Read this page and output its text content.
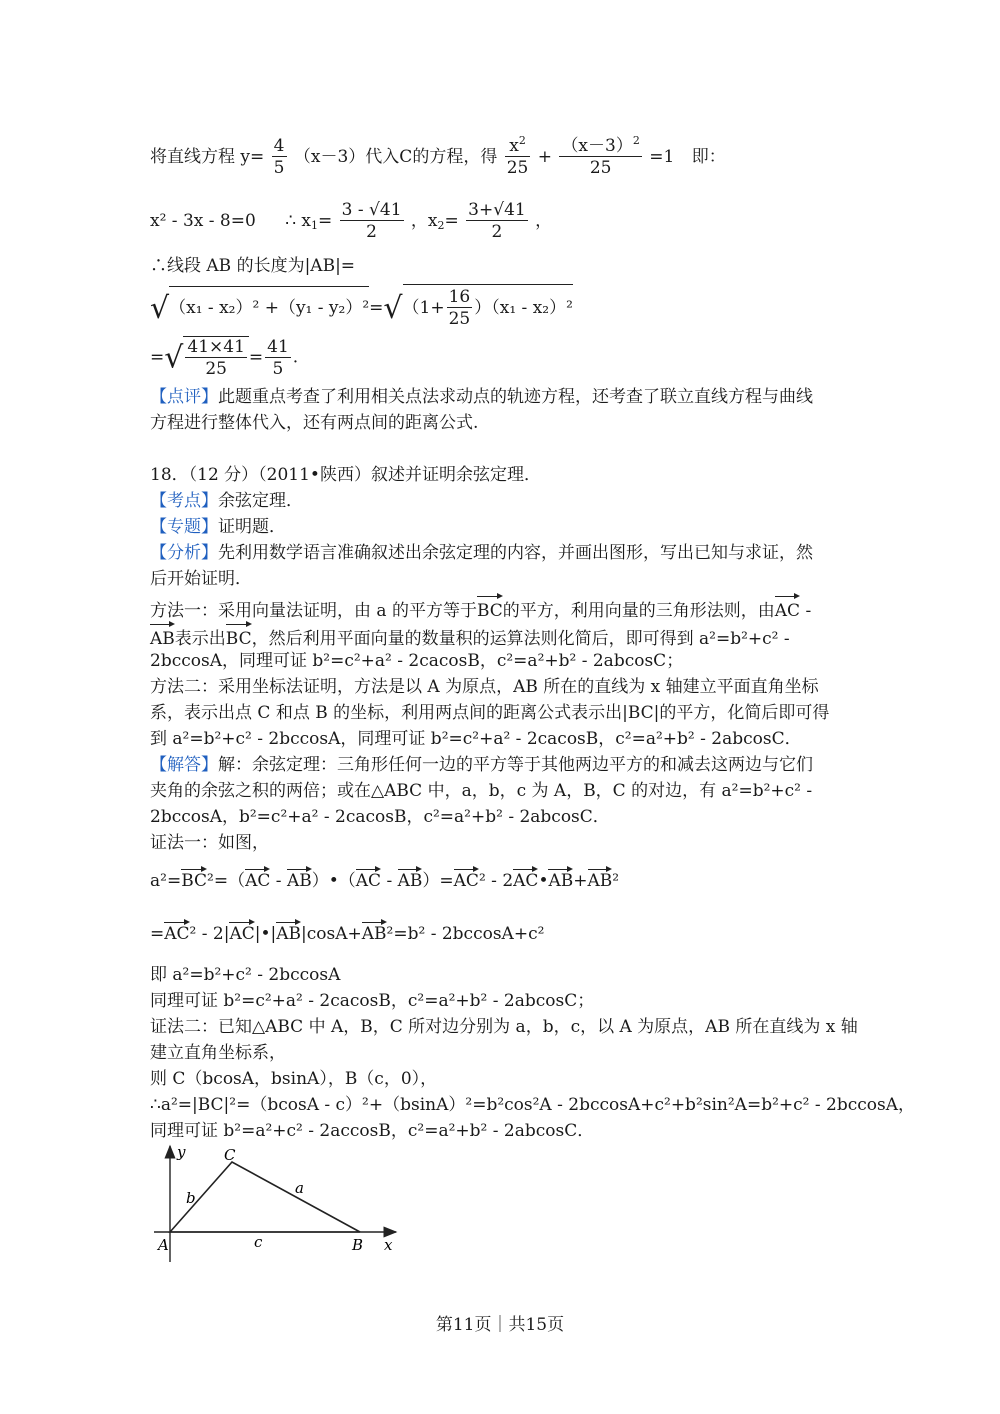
将直线方程 $y= \frac{4}{5} (x-3)$代入C的方程，得 $\frac{x^2}{25} + \frac{(x-3)^2}{25} =1$ 即：
x² - 3x - 8=0 ∴ $x_1= \frac{3 - √41}{2}$ ，$x_2= \frac{3+√41}{2}$ ，
∴线段 AB 的长度为|AB|=
$√(x_1 - x_2)^2 +(y_1 - y_2)^2=√(1+ \frac{16}{25} )(x_1 - x_2)^2$
=√ $\frac{41\times 41}{25} = \frac{41}{5}$ .
【点评】此题重点考查了利用相关点法求动点的轨迹方程，还考查了联立直线方程与曲线
方程进行整体代入，还有两点间的距离公式.
18．（12 分）（2011•陕西）叙述并证明余弦定理．
【考点】余弦定理．
【专题】证明题．
【分析】先利用数学语言准确叙述出余弦定理的内容，并画出图形，写出已知与求证，然
后开始证明．
方法一：采用向量法证明，由 a 的平方等于BC的平方，利用向量的三角形法则，由AC -
AB表示出BC，然后利用平面向量的数量积的运算法则化简后，即可得到 a²=b²+c² -
2bccosA，同理可证 b²=c²+a² - 2cacosB，c²=a²+b² - 2abcosC；
方法二：采用坐标法证明，方法是以 A 为原点，AB 所在的直线为 x 轴建立平面直角坐标
系，表示出点 C 和点 B 的坐标，利用两点间的距离公式表示出|BC|的平方，化简后即可得
到 a²=b²+c² - 2bccosA，同理可证 b²=c²+a² - 2cacosB，c²=a²+b² - 2abcosC．
【解答】解：余弦定理：三角形任何一边的平方等于其他两边平方的和减去这两边与它们
夹角的余弦之积的两倍；或在△ABC 中，a，b，c 为 A，B，C 的对边，有 a²=b²+c² -
2bccosA，b²=c²+a² - 2cacosB，c²=a²+b² - 2abcosC．
证法一：如图，
a²=BC²=（AC - AB）•（AC - AB）=AC² - 2AC•AB+AB²
=AC² - 2|AC|•|AB|cosA+AB²=b² - 2bccosA+c²
即 a²=b²+c² - 2bccosA
同理可证 b²=c²+a² - 2cacosB，c²=a²+b² - 2abcosC；
证法二：已知△ABC 中 A，B，C 所对边分别为 a，b，c，以 A 为原点，AB 所在直线为 x 轴
建立直角坐标系，
则 C（bcosA，bsinA），B（c，0），
∴a²=|BC|²=（bcosA - c）²+（bsinA）²=b²cos²A - 2bccosA+c²+b²sin²A=b²+c² - 2bccosA，
同理可证 b²=a²+c² - 2accosB，c²=a²+b² - 2abcosC．
y
x
A	B
C
a
b
c
第11页｜共15页
